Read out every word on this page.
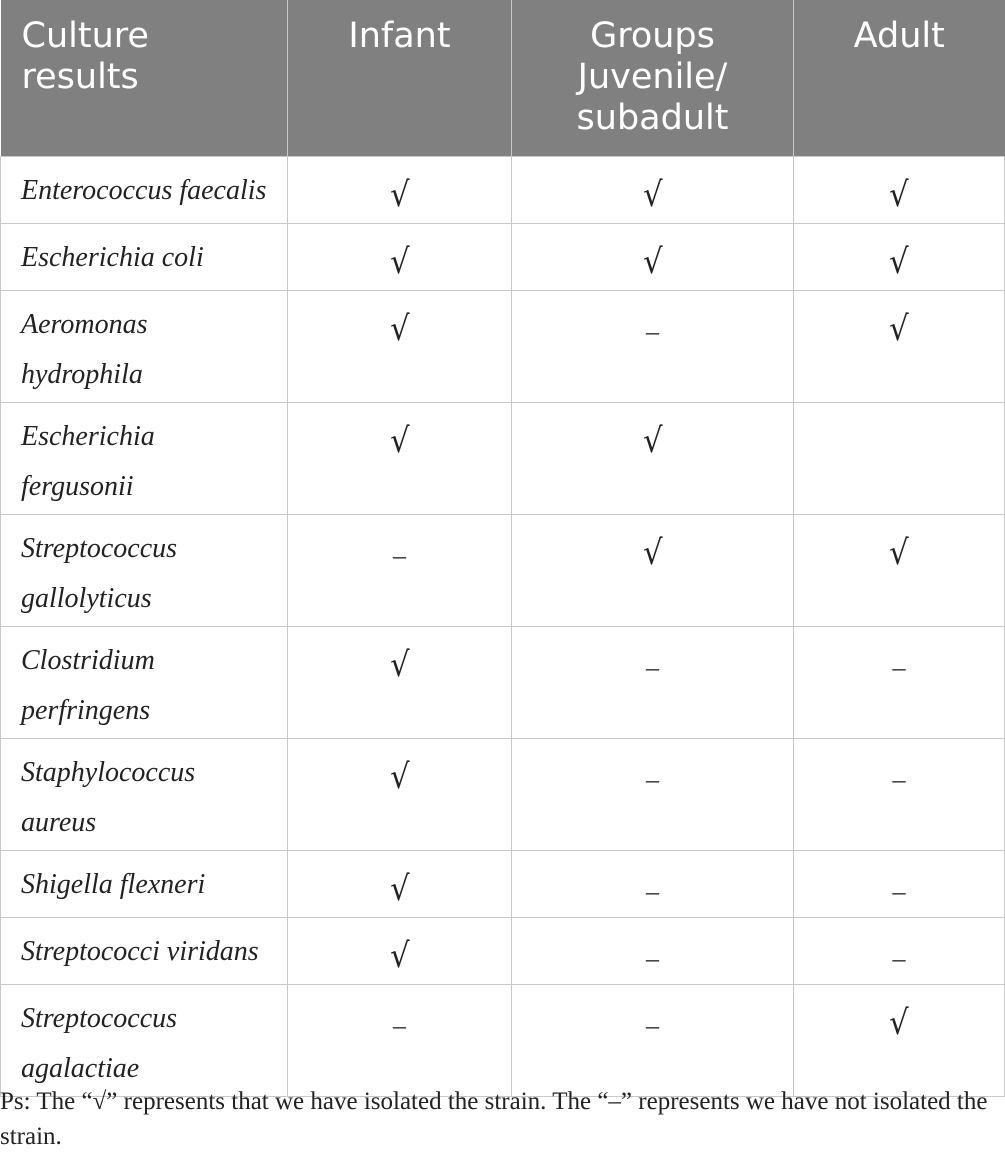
Culture
results	Infant	Groups
Juvenile/
subadult	Adult

Enterococcus faecalis	√	√	√

Escherichia coli	√	√	√

Aeromonas
hydrophila	√	–	√

Escherichia
fergusonii	√	√	

Streptococcus
gallolyticus	–	√	√

Clostridium
perfringens	√	–	–

Staphylococcus
aureus	√	–	–

Shigella flexneri	√	–	–

Streptococci viridans	√	–	–

Streptococcus
agalactiae	–	–	√
Ps: The “√” represents that we have isolated the strain. The “–” represents we have not isolated the strain.
